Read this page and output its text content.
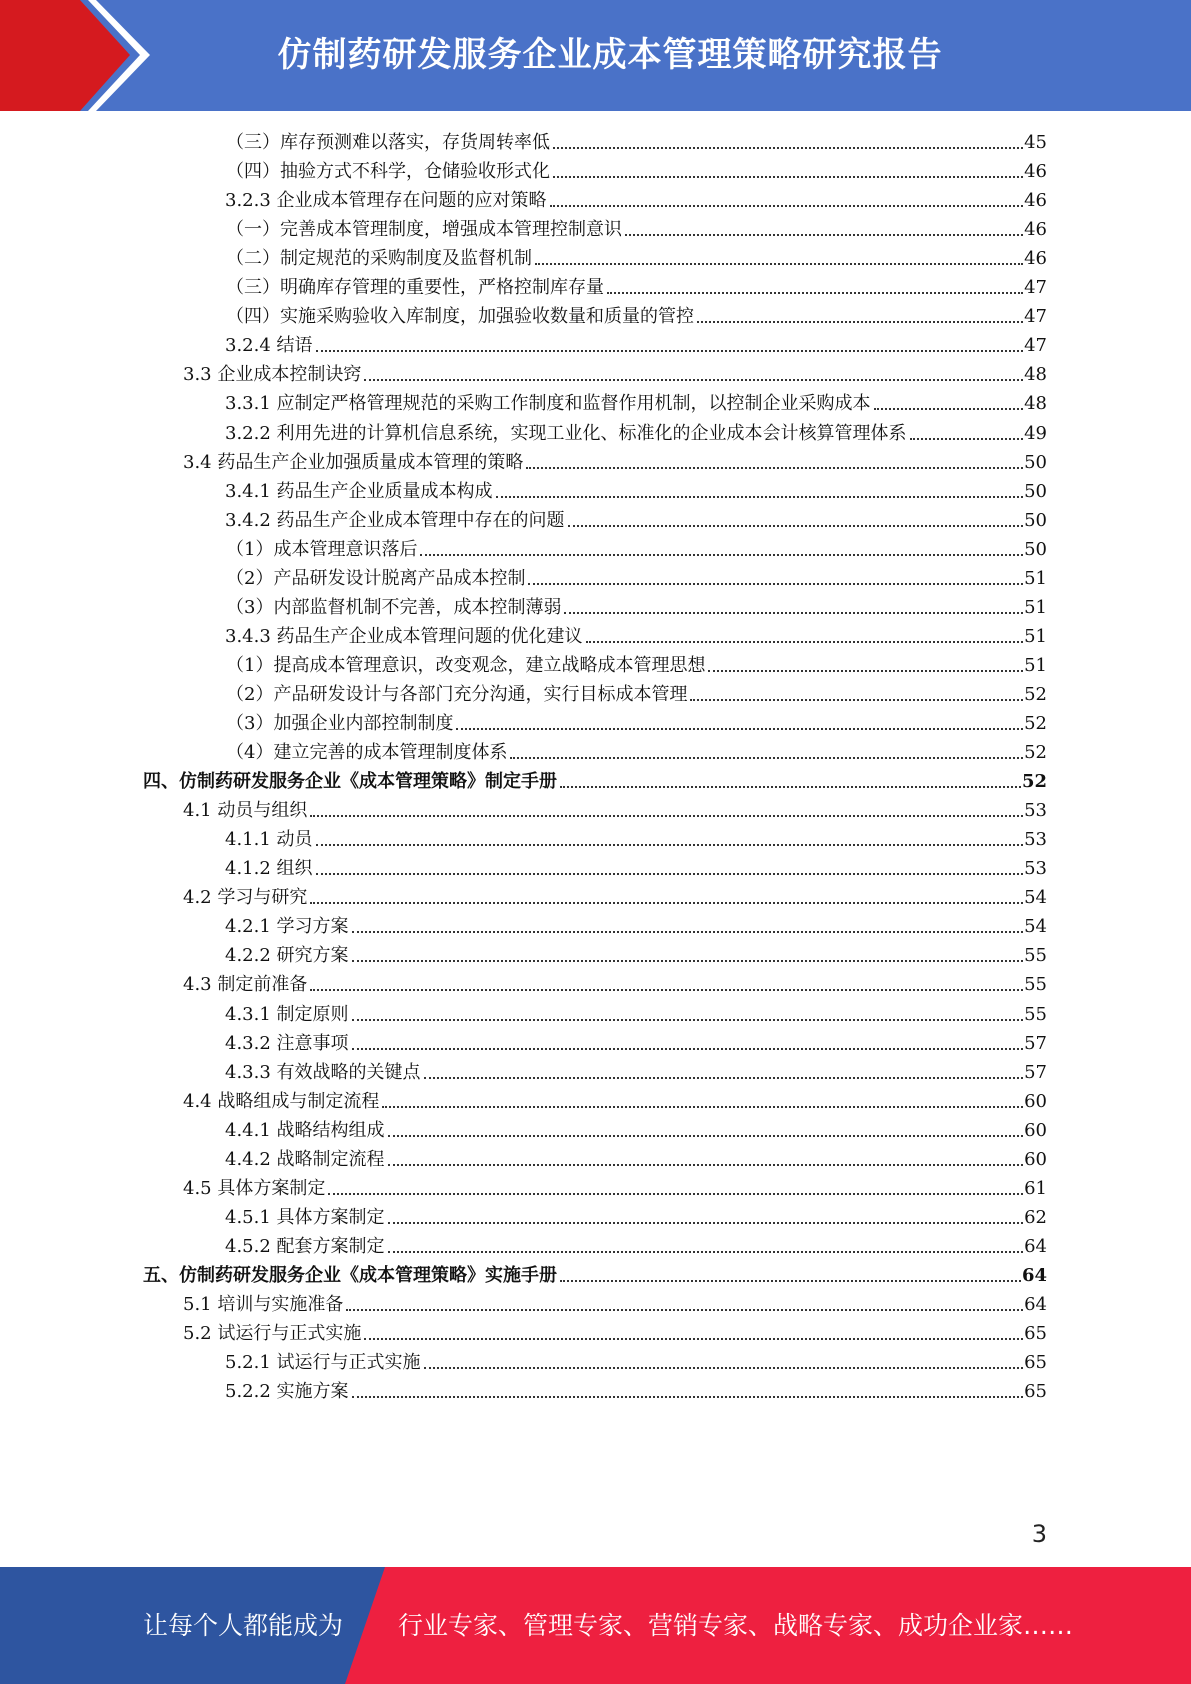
仿制药研发服务企业成本管理策略研究报告
（三）库存预测难以落实，存货周转率低	45
（四）抽验方式不科学，仓储验收形式化	46
3.2.3 企业成本管理存在问题的应对策略	46
（一）完善成本管理制度，增强成本管理控制意识	46
（二）制定规范的采购制度及监督机制	46
（三）明确库存管理的重要性，严格控制库存量	47
（四）实施采购验收入库制度，加强验收数量和质量的管控	47
3.2.4 结语	47
3.3 企业成本控制诀窍	48
3.3.1 应制定严格管理规范的采购工作制度和监督作用机制，以控制企业采购成本	48
3.2.2 利用先进的计算机信息系统，实现工业化、标准化的企业成本会计核算管理体系	49
3.4 药品生产企业加强质量成本管理的策略	50
3.4.1 药品生产企业质量成本构成	50
3.4.2 药品生产企业成本管理中存在的问题	50
（1）成本管理意识落后	50
（2）产品研发设计脱离产品成本控制	51
（3）内部监督机制不完善，成本控制薄弱	51
3.4.3 药品生产企业成本管理问题的优化建议	51
（1）提高成本管理意识，改变观念，建立战略成本管理思想	51
（2）产品研发设计与各部门充分沟通，实行目标成本管理	52
（3）加强企业内部控制制度	52
（4）建立完善的成本管理制度体系	52
四、仿制药研发服务企业《成本管理策略》制定手册	52
4.1 动员与组织	53
4.1.1 动员	53
4.1.2 组织	53
4.2 学习与研究	54
4.2.1 学习方案	54
4.2.2 研究方案	55
4.3 制定前准备	55
4.3.1 制定原则	55
4.3.2 注意事项	57
4.3.3 有效战略的关键点	57
4.4 战略组成与制定流程	60
4.4.1 战略结构组成	60
4.4.2 战略制定流程	60
4.5 具体方案制定	61
4.5.1 具体方案制定	62
4.5.2 配套方案制定	64
五、仿制药研发服务企业《成本管理策略》实施手册	64
5.1 培训与实施准备	64
5.2 试运行与正式实施	65
5.2.1 试运行与正式实施	65
5.2.2 实施方案	65
3
让每个人都能成为 行业专家、管理专家、营销专家、战略专家、成功企业家……
